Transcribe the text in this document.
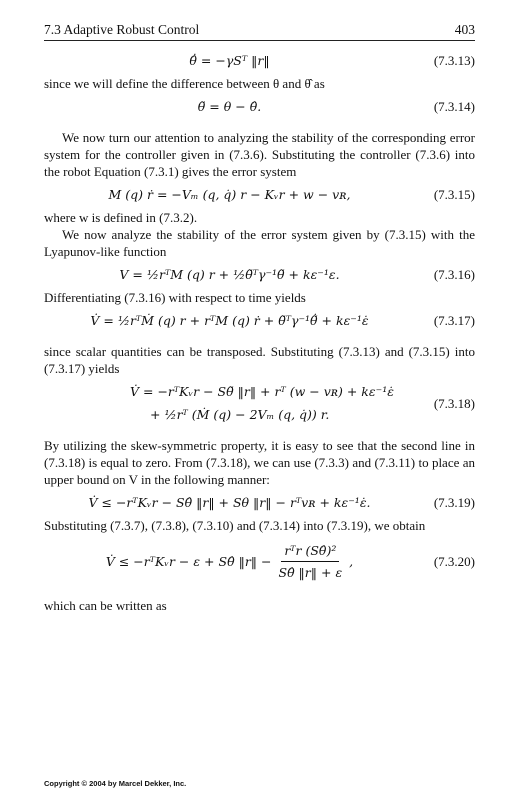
7.3 Adaptive Robust Control	403
θ̂̇ = −γSᵀ ‖r‖	(7.3.13)

since we will define the difference between θ and θ̂ as

θ̃ = θ − θ̂.	(7.3.14)

We now turn our attention to analyzing the stability of the corresponding error system for the controller given in (7.3.6). Substituting the controller (7.3.6) into the robot Equation (7.3.1) gives the error system

M (q) ṙ = −Vₘ (q, q̇) r − Kᵥr + w − vʀ,	(7.3.15)

where w is defined in (7.3.2).

We now analyze the stability of the error system given by (7.3.15) with the Lyapunov-like function

V = ½rᵀM (q) r + ½θ̃ᵀγ⁻¹θ̃ + kε⁻¹ε.	(7.3.16)

Differentiating (7.3.16) with respect to time yields

V̇ = ½rᵀṀ (q) r + rᵀM (q) ṙ + θ̃ᵀγ⁻¹θ̃̇ + kε⁻¹ε̇	(7.3.17)

since scalar quantities can be transposed. Substituting (7.3.13) and (7.3.15) into (7.3.17) yields

V̇ = −rᵀKᵥr − Sθ̃ ‖r‖ + rᵀ (w − vʀ) + kε⁻¹ε̇
+ ½rᵀ (Ṁ (q) − 2Vₘ (q, q̇)) r.
(7.3.18)

By utilizing the skew-symmetric property, it is easy to see that the second line in (7.3.18) is equal to zero. From (7.3.18), we can use (7.3.3) and (7.3.11) to place an upper bound on V in the following manner:

V̇ ≤ −rᵀKᵥr − Sθ̂ ‖r‖ + Sθ ‖r‖ − rᵀvʀ + kε⁻¹ε̇.	(7.3.19)

Substituting (7.3.7), (7.3.8), (7.3.10) and (7.3.14) into (7.3.19), we obtain

V̇ ≤ −rᵀKᵥr − ε + Sθ̂ ‖r‖ − $\frac{\text{rᵀr (Sθ̂)²}}{S\thetâ ‖r‖ + \varepsilon}$ ,	(7.3.20)

which can be written as

Copyright © 2004 by Marcel Dekker, Inc.
